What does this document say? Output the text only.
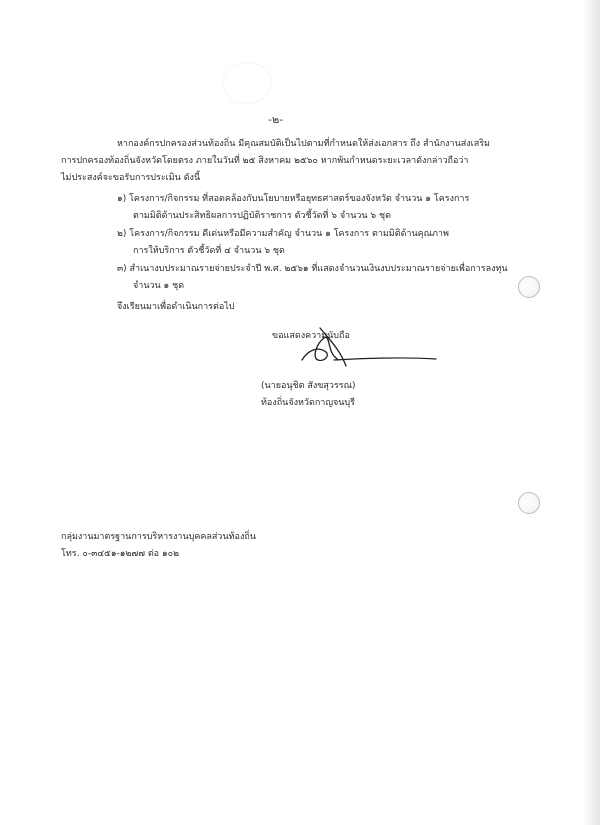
-๒-
หากองค์กรปกครองส่วนท้องถิ่น มีคุณสมบัติเป็นไปตามที่กำหนดให้ส่งเอกสาร ถึง สำนักงานส่งเสริม
การปกครองท้องถิ่นจังหวัดโดยตรง ภายในวันที่ ๒๕ สิงหาคม ๒๕๖๐ หากพ้นกำหนดระยะเวลาดังกล่าวถือว่า
ไม่ประสงค์จะขอรับการประเมิน ดังนี้
๑) โครงการ/กิจกรรม ที่สอดคล้องกับนโยบายหรือยุทธศาสตร์ของจังหวัด จำนวน ๑ โครงการ
ตามมิติด้านประสิทธิผลการปฏิบัติราชการ ตัวชี้วัดที่ ๖ จำนวน ๖ ชุด
๒) โครงการ/กิจกรรม ดีเด่นหรือมีความสำคัญ จำนวน ๑ โครงการ ตามมิติด้านคุณภาพ
การให้บริการ ตัวชี้วัดที่ ๔ จำนวน ๖ ชุด
๓) สำเนางบประมาณรายจ่ายประจำปี พ.ศ. ๒๕๖๑ ที่แสดงจำนวนเงินงบประมาณรายจ่ายเพื่อการลงทุน
จำนวน ๑ ชุด
จึงเรียนมาเพื่อดำเนินการต่อไป
ขอแสดงความนับถือ
(นายอนุชิต สังขสุวรรณ)
ท้องถิ่นจังหวัดกาญจนบุรี
กลุ่มงานมาตรฐานการบริหารงานบุคคลส่วนท้องถิ่น
โทร. ๐-๓๔๕๑-๑๒๗๗ ต่อ ๑๐๒
